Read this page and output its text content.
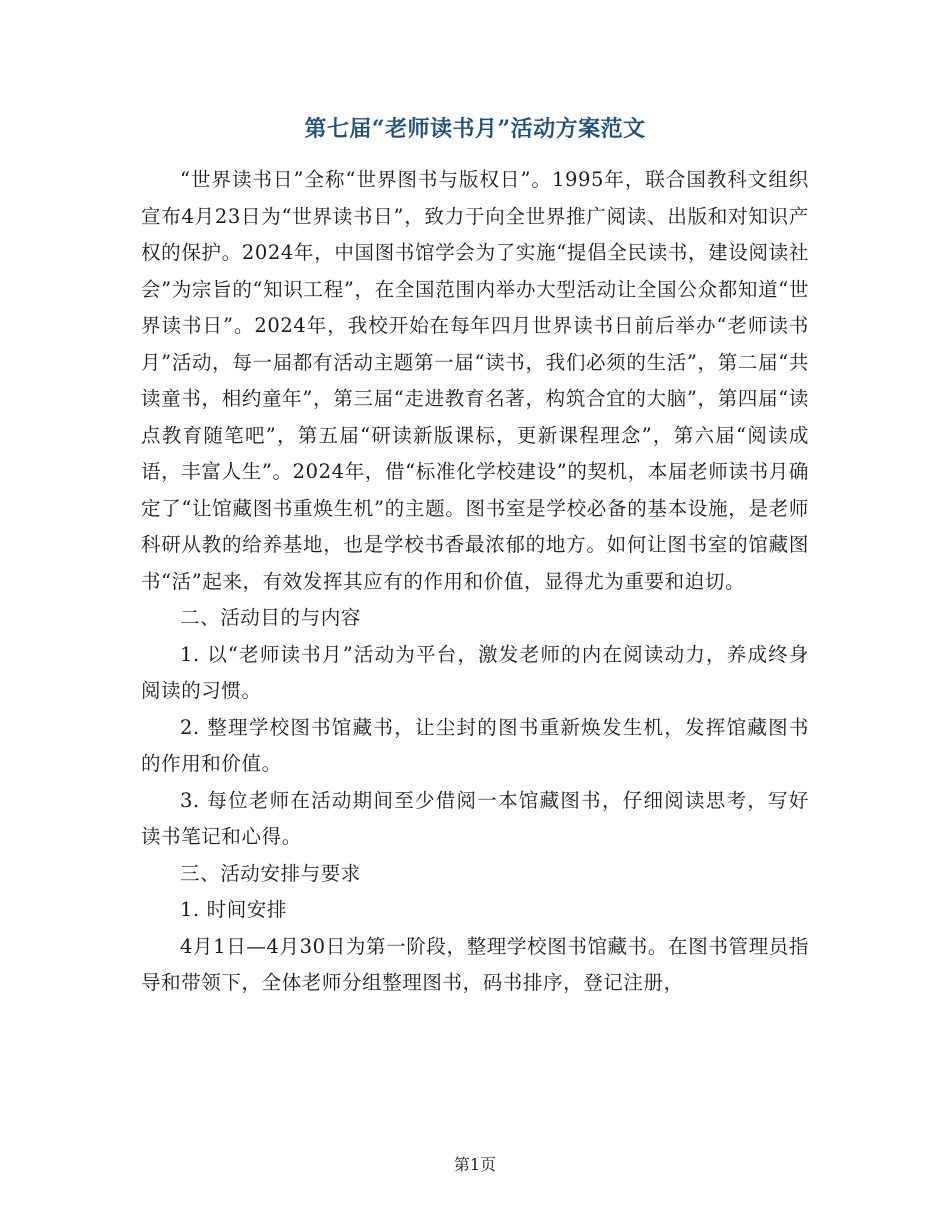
第七届“老师读书月”活动方案范文

“世界读书日”全称“世界图书与版权日”。1995年，联合国教科文组织宣布4月23日为“世界读书日”，致力于向全世界推广阅读、出版和对知识产权的保护。2024年，中国图书馆学会为了实施“提倡全民读书，建设阅读社会”为宗旨的“知识工程”，在全国范围内举办大型活动让全国公众都知道“世界读书日”。2024年，我校开始在每年四月世界读书日前后举办“老师读书月”活动，每一届都有活动主题第一届“读书，我们必须的生活”，第二届“共读童书，相约童年”，第三届“走进教育名著，构筑合宜的大脑”，第四届“读点教育随笔吧”，第五届“研读新版课标，更新课程理念”，第六届“阅读成语，丰富人生”。2024年，借“标准化学校建设”的契机，本届老师读书月确定了“让馆藏图书重焕生机”的主题。图书室是学校必备的基本设施，是老师科研从教的给养基地，也是学校书香最浓郁的地方。如何让图书室的馆藏图书“活”起来，有效发挥其应有的作用和价值，显得尤为重要和迫切。

二、活动目的与内容

1. 以“老师读书月”活动为平台，激发老师的内在阅读动力，养成终身阅读的习惯。

2. 整理学校图书馆藏书，让尘封的图书重新焕发生机，发挥馆藏图书的作用和价值。

3. 每位老师在活动期间至少借阅一本馆藏图书，仔细阅读思考，写好读书笔记和心得。

三、活动安排与要求

1. 时间安排

4月1日—4月30日为第一阶段，整理学校图书馆藏书。在图书管理员指导和带领下，全体老师分组整理图书，码书排序，登记注册，

第1页
